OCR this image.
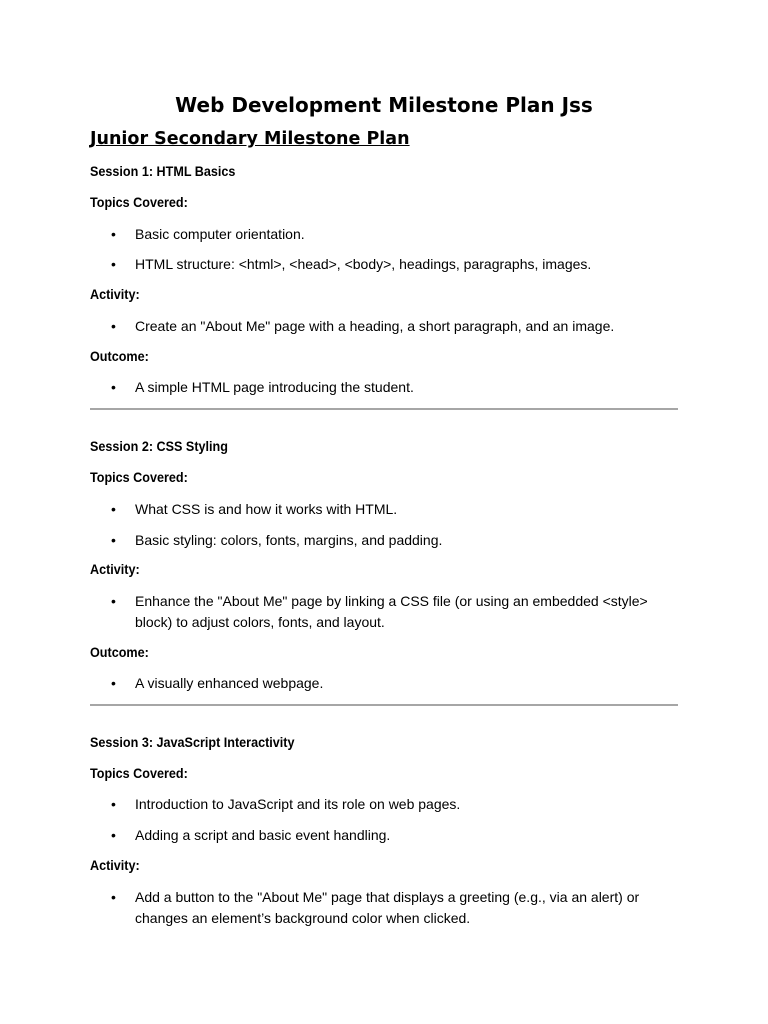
Web Development Milestone Plan Jss
Junior Secondary Milestone Plan
Session 1: HTML Basics
Topics Covered:
• Basic computer orientation.
• HTML structure: <html>, <head>, <body>, headings, paragraphs, images.
Activity:
• Create an "About Me" page with a heading, a short paragraph, and an image.
Outcome:
• A simple HTML page introducing the student.
Session 2: CSS Styling
Topics Covered:
• What CSS is and how it works with HTML.
• Basic styling: colors, fonts, margins, and padding.
Activity:
• Enhance the "About Me" page by linking a CSS file (or using an embedded <style> block) to adjust colors, fonts, and layout.
Outcome:
• A visually enhanced webpage.
Session 3: JavaScript Interactivity
Topics Covered:
• Introduction to JavaScript and its role on web pages.
• Adding a script and basic event handling.
Activity:
• Add a button to the "About Me" page that displays a greeting (e.g., via an alert) or changes an element’s background color when clicked.
